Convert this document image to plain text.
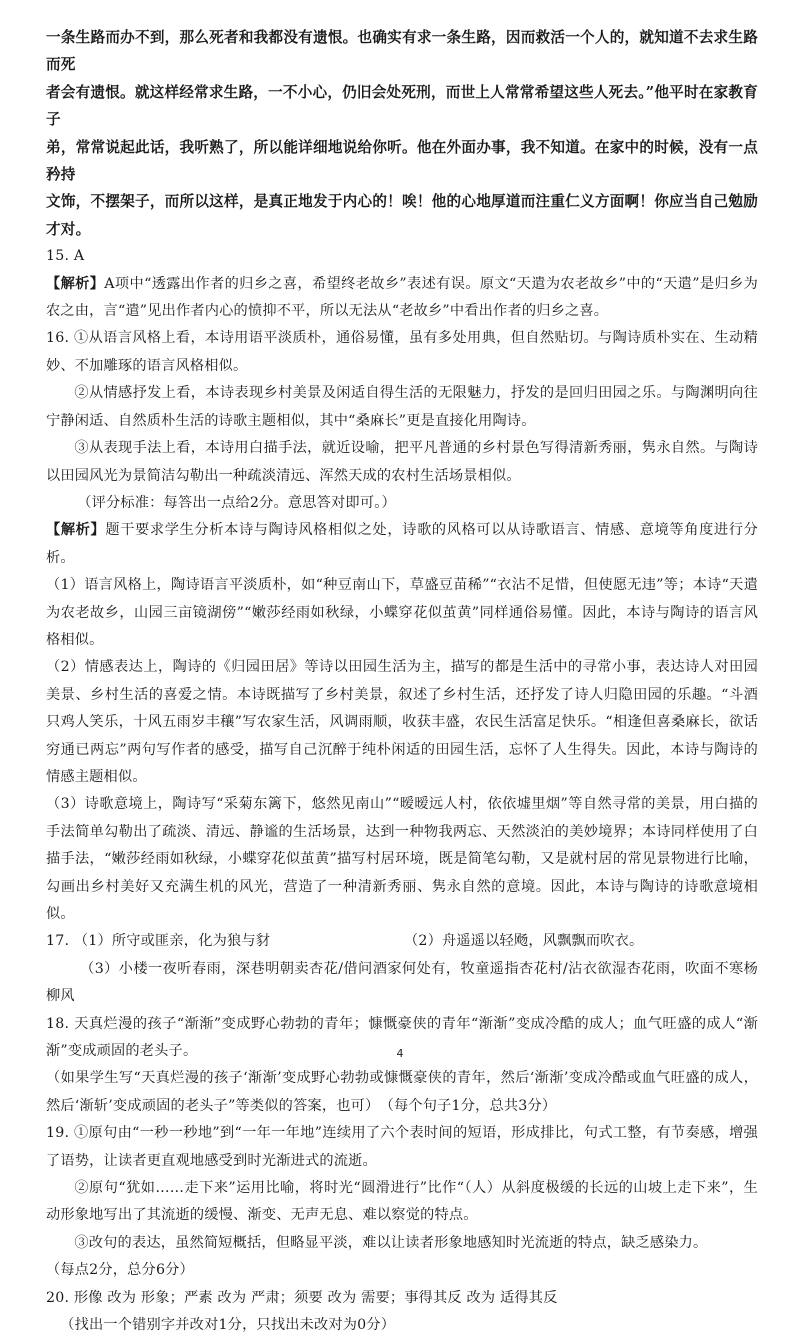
一条生路而办不到，那么死者和我都没有遗恨。也确实有求一条生路，因而救活一个人的，就知道不去求生路而死

者会有遗恨。就这样经常求生路，一不小心，仍旧会处死刑，而世上人常常希望这些人死去。”他平时在家教育子

弟，常常说起此话，我听熟了，所以能详细地说给你听。他在外面办事，我不知道。在家中的时候，没有一点矜持

文饰，不摆架子，而所以这样，是真正地发于内心的！唉！他的心地厚道而注重仁义方面啊！你应当自己勉励才对。

15. A

【解析】A项中“透露出作者的归乡之喜，希望终老故乡”表述有误。原文“天遣为农老故乡”中的“天遣”是归乡为农之由，言“遣”见出作者内心的愤抑不平，所以无法从“老故乡”中看出作者的归乡之喜。

16. ①从语言风格上看，本诗用语平淡质朴，通俗易懂，虽有多处用典，但自然贴切。与陶诗质朴实在、生动精妙、不加雕琢的语言风格相似。

②从情感抒发上看，本诗表现乡村美景及闲适自得生活的无限魅力，抒发的是回归田园之乐。与陶渊明向往宁静闲适、自然质朴生活的诗歌主题相似，其中“桑麻长”更是直接化用陶诗。

③从表现手法上看，本诗用白描手法，就近设喻，把平凡普通的乡村景色写得清新秀丽，隽永自然。与陶诗以田园风光为景简洁勾勒出一种疏淡清远、浑然天成的农村生活场景相似。

（评分标准：每答出一点给2分。意思答对即可。）

【解析】题干要求学生分析本诗与陶诗风格相似之处，诗歌的风格可以从诗歌语言、情感、意境等角度进行分析。

（1）语言风格上，陶诗语言平淡质朴，如“种豆南山下，草盛豆苗稀”“衣沾不足惜，但使愿无违”等；本诗“天遣为农老故乡，山园三亩镜湖傍”“嫩莎经雨如秋绿，小蝶穿花似茧黄”同样通俗易懂。因此，本诗与陶诗的语言风格相似。

（2）情感表达上，陶诗的《归园田居》等诗以田园生活为主，描写的都是生活中的寻常小事，表达诗人对田园美景、乡村生活的喜爱之情。本诗既描写了乡村美景，叙述了乡村生活，还抒发了诗人归隐田园的乐趣。“斗酒只鸡人笑乐，十风五雨岁丰穰”写农家生活，风调雨顺，收获丰盛，农民生活富足快乐。“相逢但喜桑麻长，欲话穷通已两忘”两句写作者的感受，描写自己沉醉于纯朴闲适的田园生活，忘怀了人生得失。因此，本诗与陶诗的情感主题相似。

（3）诗歌意境上，陶诗写“采菊东篱下，悠然见南山”“暧暧远人村，依依墟里烟”等自然寻常的美景，用白描的手法简单勾勒出了疏淡、清远、静谧的生活场景，达到一种物我两忘、天然淡泊的美妙境界；本诗同样使用了白描手法，“嫩莎经雨如秋绿，小蝶穿花似茧黄”描写村居环境，既是简笔勾勒，又是就村居的常见景物进行比喻，勾画出乡村美好又充满生机的风光，营造了一种清新秀丽、隽永自然的意境。因此，本诗与陶诗的诗歌意境相似。

17. （1）所守或匪亲，化为狼与豺	（2）舟遥遥以轻飏，风飘飘而吹衣。

（3）小楼一夜听春雨，深巷明朝卖杏花/借问酒家何处有，牧童遥指杏花村/沾衣欲湿杏花雨，吹面不寒杨柳风

18. 天真烂漫的孩子“渐渐”变成野心勃勃的青年；慷慨豪侠的青年“渐渐”变成冷酷的成人；血气旺盛的成人“渐渐”变成顽固的老头子。

（如果学生写“天真烂漫的孩子‘渐渐’变成野心勃勃或慷慨豪侠的青年，然后‘渐渐’变成冷酷或血气旺盛的成人，然后‘渐斩’变成顽固的老头子”等类似的答案，也可）　（每个句子1分，总共3分）

19. ①原句由“一秒一秒地”到“一年一年地”连续用了六个表时间的短语，形成排比，句式工整，有节奏感，增强了语势，让读者更直观地感受到时光渐进式的流逝。

②原句“犹如……走下来”运用比喻，将时光“圆滑进行”比作“（人）从斜度极缓的长远的山坡上走下来”，生动形象地写出了其流逝的缓慢、渐变、无声无息、难以察觉的特点。

③改句的表达，虽然简短概括，但略显平淡，难以让读者形象地感知时光流逝的特点，缺乏感染力。

（每点2分，总分6分）

20. 形像 改为 形象；严素 改为 严肃；须要 改为 需要；事得其反 改为 适得其反

（找出一个错别字并改对1分，只找出未改对为0分）

4
